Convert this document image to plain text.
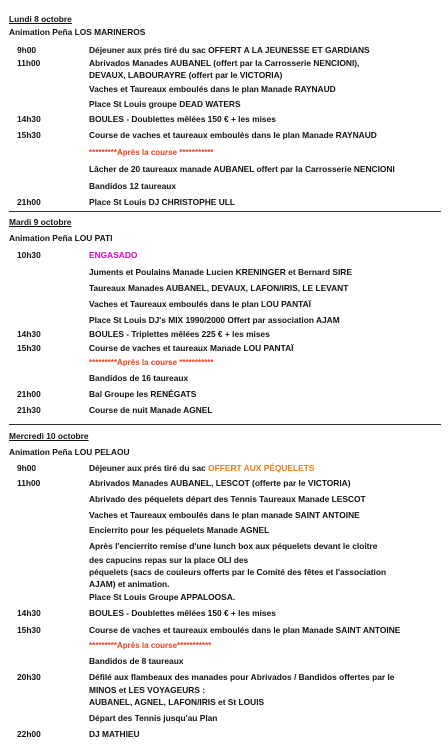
Lundi 8 octobre
Animation Peña LOS MARINEROS
9h00	Déjeuner aux prés tiré du sac OFFERT A LA JEUNESSE ET GARDIANS
11h00	Abrivados Manades AUBANEL (offert par la Carrosserie NENCIONI),
DEVAUX, LABOURAYRE (offert par le VICTORIA)
Vaches et Taureaux emboulés dans le plan Manade RAYNAUD
Place St Louis groupe DEAD WATERS
14h30	BOULES - Doublettes mêlées 150 € + les mises
15h30	Course de vaches et taureaux emboulés dans le plan Manade RAYNAUD
*********Après la course ***********
Lâcher de 20 taureaux manade AUBANEL offert par la Carrosserie NENCIONI
Bandidos 12 taureaux
21h00	Place St Louis DJ CHRISTOPHE ULL
Mardi 9 octobre
Animation Peña LOU PATI
10h30	ENGASADO
Juments et Poulains Manade Lucien KRENINGER et Bernard SIRE
Taureaux Manades AUBANEL, DEVAUX, LAFON/IRIS, LE LEVANT
Vaches et Taureaux emboulés dans le plan LOU PANTAÏ
Place St Louis DJ's MIX 1990/2000 Offert par association AJAM
14h30	BOULES - Triplettes mêlées 225 € + les mises
15h30	Course de vaches et taureaux Manade LOU PANTAÏ
*********Après la course ***********
Bandidos de 16 taureaux
21h00	Bal Groupe les RENÉGATS
21h30	Course de nuit Manade AGNEL
Mercredi 10 octobre
Animation Peña LOU PELAOU
9h00	Déjeuner aux prés tiré du sac OFFERT AUX PÉQUELETS
11h00	Abrivados Manades AUBANEL, LESCOT (offerte par le VICTORIA)
Abrivado des péquelets départ des Tennis Taureaux Manade LESCOT
Vaches et Taureaux emboulés dans le plan manade SAINT ANTOINE
Encierrito pour les péquelets Manade AGNEL
Après l'encierrito remise d'une lunch box aux péquelets devant le cloitre
des capucins repas sur la place OLI des
péquelets (sacs de couleurs offerts par le Comité des fêtes et l'association
AJAM) et animation.
Place St Louis Groupe APPALOOSA.
14h30	BOULES - Doublettes mêlées 150 € + les mises
15h30	Course de vaches et taureaux emboulés dans le plan Manade SAINT ANTOINE
*********Après la course***********
Bandidos de 8 taureaux
20h30	Défilé aux flambeaux des manades pour Abrivados / Bandidos offertes par le
MINOS et LES VOYAGEURS :
AUBANEL, AGNEL, LAFON/IRIS et St LOUIS
Départ des Tennis jusqu'au Plan
22h00	DJ MATHIEU
